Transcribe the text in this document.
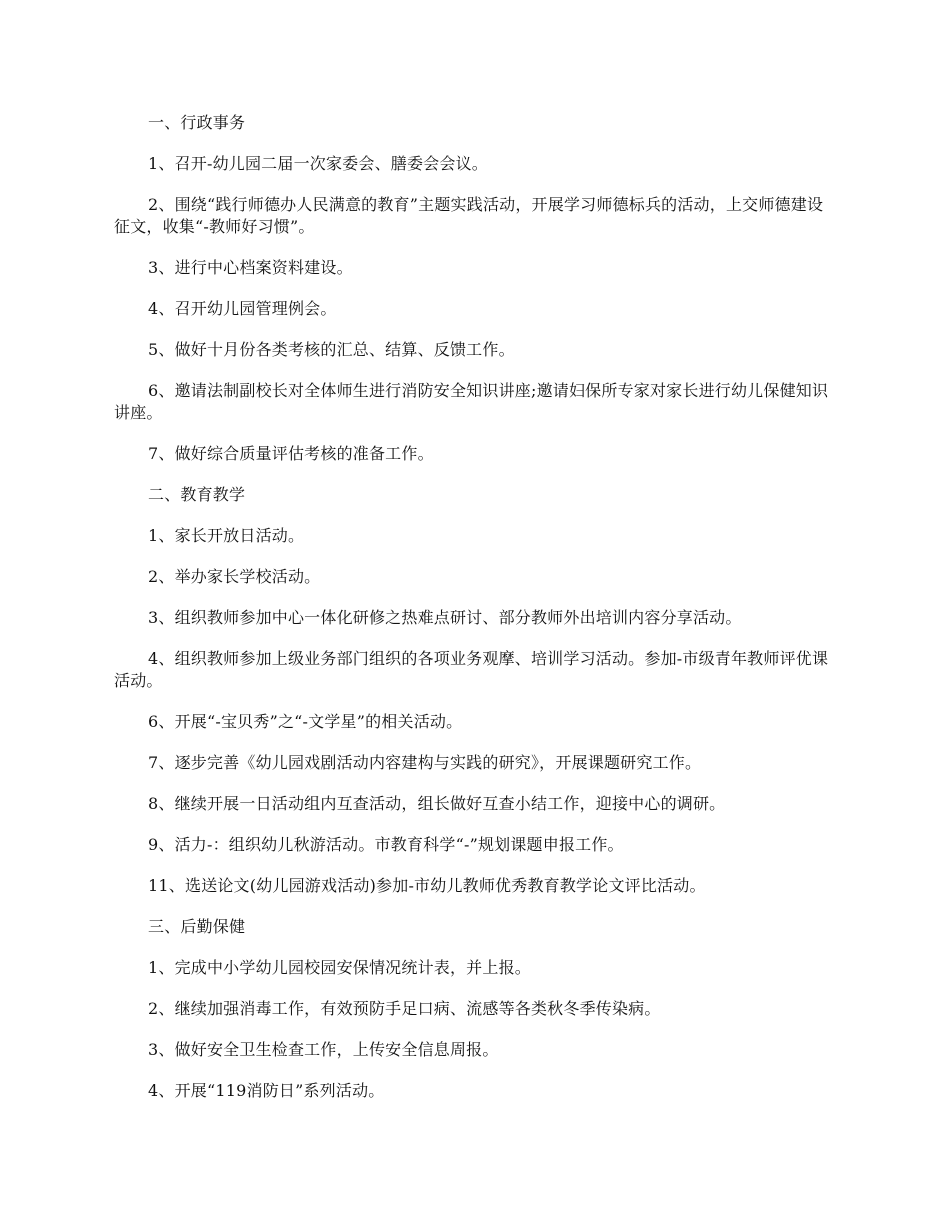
一、行政事务

1、召开-幼儿园二届一次家委会、膳委会会议。

2、围绕“践行师德办人民满意的教育”主题实践活动，开展学习师德标兵的活动，上交师德建设征文，收集“-教师好习惯”。

3、进行中心档案资料建设。

4、召开幼儿园管理例会。

5、做好十月份各类考核的汇总、结算、反馈工作。

6、邀请法制副校长对全体师生进行消防安全知识讲座;邀请妇保所专家对家长进行幼儿保健知识讲座。

7、做好综合质量评估考核的准备工作。

二、教育教学

1、家长开放日活动。

2、举办家长学校活动。

3、组织教师参加中心一体化研修之热难点研讨、部分教师外出培训内容分享活动。

4、组织教师参加上级业务部门组织的各项业务观摩、培训学习活动。参加-市级青年教师评优课活动。

6、开展“-宝贝秀”之“-文学星”的相关活动。

7、逐步完善《幼儿园戏剧活动内容建构与实践的研究》，开展课题研究工作。

8、继续开展一日活动组内互查活动，组长做好互查小结工作，迎接中心的调研。

9、活力-：组织幼儿秋游活动。市教育科学“-”规划课题申报工作。

11、选送论文(幼儿园游戏活动)参加-市幼儿教师优秀教育教学论文评比活动。

三、后勤保健

1、完成中小学幼儿园校园安保情况统计表，并上报。

2、继续加强消毒工作，有效预防手足口病、流感等各类秋冬季传染病。

3、做好安全卫生检查工作，上传安全信息周报。

4、开展“119消防日”系列活动。
